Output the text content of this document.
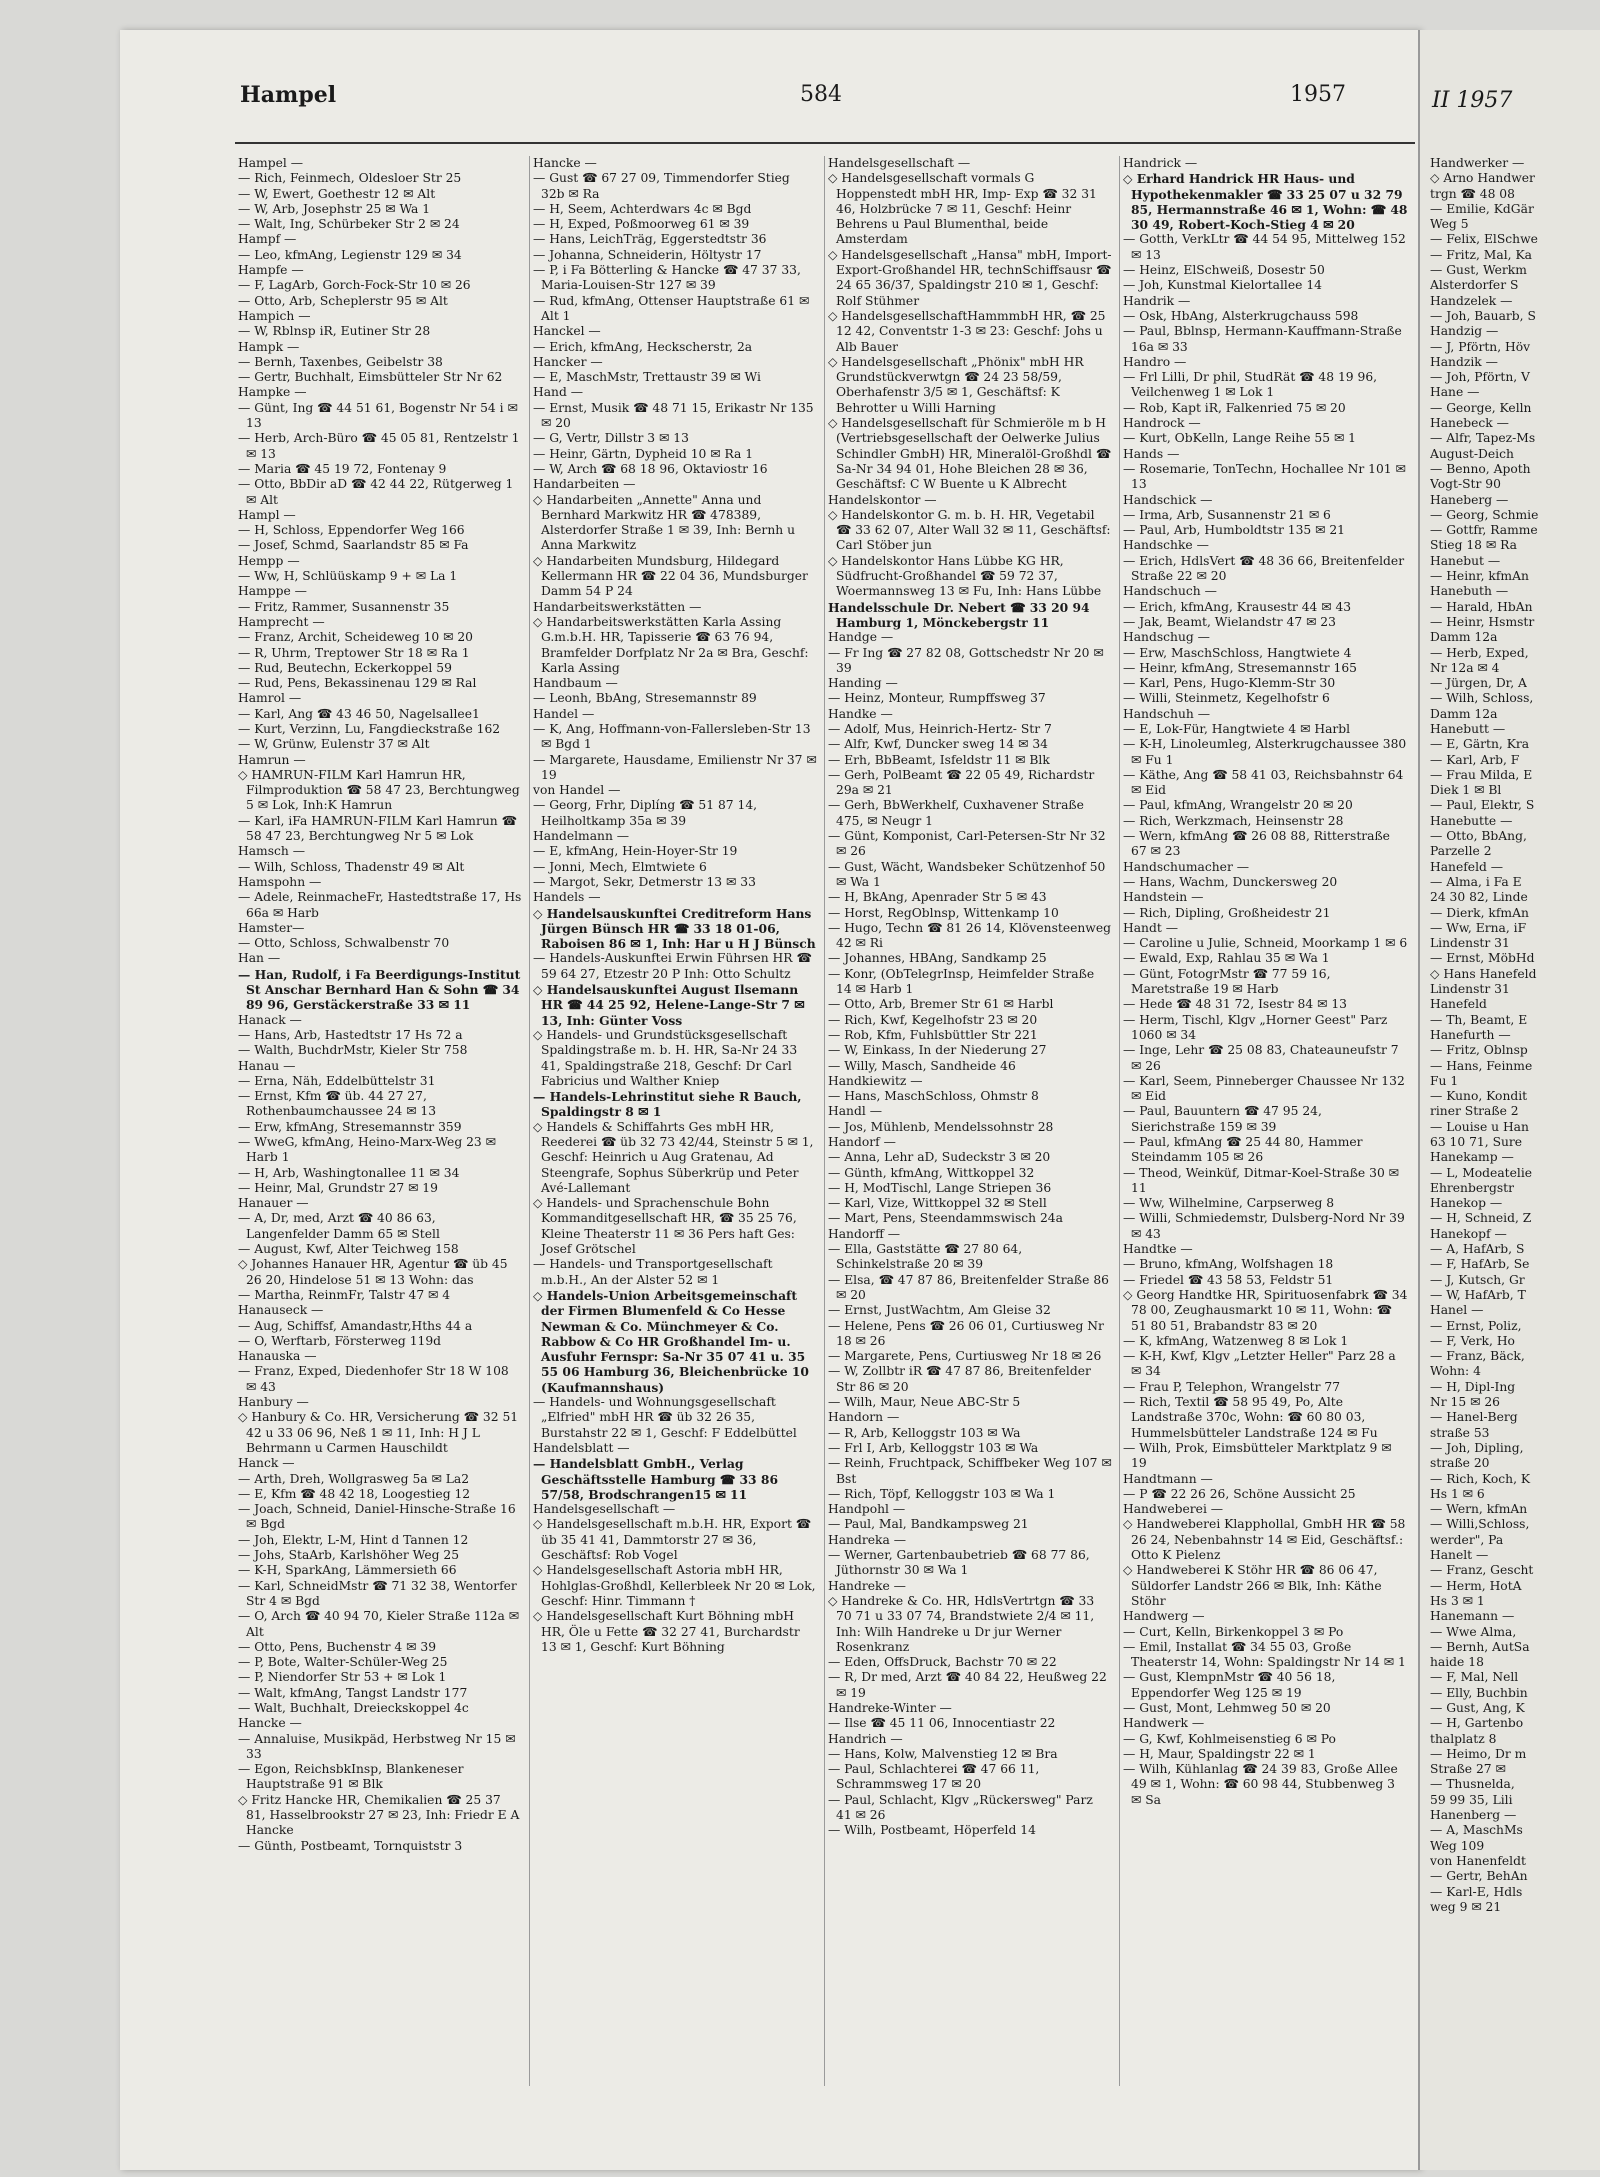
Hampel	584	1957	II 1957

Hampel —

— Rich, Feinmech, Oldesloer Str 25

— W, Ewert, Goethestr 12 ✉ Alt

— W, Arb, Josephstr 25 ✉ Wa 1

— Walt, Ing, Schürbeker Str 2 ✉ 24

Hampf —

— Leo, kfmAng, Legienstr 129 ✉ 34

Hampfe —

— F, LagArb, Gorch-Fock-Str 10 ✉ 26

— Otto, Arb, Scheplerstr 95 ✉ Alt

Hampich —

— W, Rblnsp iR, Eutiner Str 28

Hampk —

— Bernh, Taxenbes, Geibelstr 38

— Gertr, Buchhalt, Eimsbütteler Str Nr 62

Hampke —

— Günt, Ing ☎ 44 51 61, Bogenstr Nr 54 i ✉ 13

— Herb, Arch-Büro ☎ 45 05 81, Rentzelstr 1 ✉ 13

— Maria ☎ 45 19 72, Fontenay 9

— Otto, BbDir aD ☎ 42 44 22, Rütgerweg 1 ✉ Alt

Hampl —

— H, Schloss, Eppendorfer Weg 166

— Josef, Schmd, Saarlandstr 85 ✉ Fa

Hempp —

— Ww, H, Schlüüskamp 9 + ✉ La 1

Hamppe —

— Fritz, Rammer, Susannenstr 35

Hamprecht —

— Franz, Archit, Scheideweg 10 ✉ 20

— R, Uhrm, Treptower Str 18 ✉ Ra 1

— Rud, Beutechn, Eckerkoppel 59

— Rud, Pens, Bekassinenau 129 ✉ Ral

Hamrol —

— Karl, Ang ☎ 43 46 50, Nagelsallee1

— Kurt, Verzinn, Lu, Fangdieckstraße 162

— W, Grünw, Eulenstr 37 ✉ Alt

Hamrun —

◇ HAMRUN-FILM Karl Hamrun HR, Filmproduktion ☎ 58 47 23, Berchtungweg 5 ✉ Lok, Inh:K Hamrun

— Karl, iFa HAMRUN-FILM Karl Hamrun ☎ 58 47 23, Berchtungweg Nr 5 ✉ Lok

Hamsch —

— Wilh, Schloss, Thadenstr 49 ✉ Alt

Hamspohn —

— Adele, ReinmacheFr, Hastedtstraße 17, Hs 66a ✉ Harb

Hamster—

— Otto, Schloss, Schwalbenstr 70

Han —

— Han, Rudolf, i Fa Beerdigungs-Institut St Anschar Bernhard Han & Sohn ☎ 34 89 96, Gerstäckerstraße 33 ✉ 11

Hanack —

— Hans, Arb, Hastedtstr 17 Hs 72 a

— Walth, BuchdrMstr, Kieler Str 758

Hanau —

— Erna, Näh, Eddelbüttelstr 31

— Ernst, Kfm ☎ üb. 44 27 27, Rothenbaumchaussee 24 ✉ 13

— Erw, kfmAng, Stresemannstr 359

— WweG, kfmAng, Heino-Marx-Weg 23 ✉ Harb 1

— H, Arb, Washingtonallee 11 ✉ 34

— Heinr, Mal, Grundstr 27 ✉ 19

Hanauer —

— A, Dr, med, Arzt ☎ 40 86 63, Langenfelder Damm 65 ✉ Stell

— August, Kwf, Alter Teichweg 158

◇ Johannes Hanauer HR, Agentur ☎ üb 45 26 20, Hindelose 51 ✉ 13 Wohn: das

— Martha, ReinmFr, Talstr 47 ✉ 4

Hanauseck —

— Aug, Schiffsf, Amandastr,Hths 44 a

— O, Werftarb, Försterweg 119d

Hanauska —

— Franz, Exped, Diedenhofer Str 18 W 108 ✉ 43

Hanbury —

◇ Hanbury & Co. HR, Versicherung ☎ 32 51 42 u 33 06 96, Neß 1 ✉ 11, Inh: H J L Behrmann u Carmen Hauschildt

Hanck —

— Arth, Dreh, Wollgrasweg 5a ✉ La2

— E, Kfm ☎ 48 42 18, Loogestieg 12

— Joach, Schneid, Daniel-Hinsche-Straße 16 ✉ Bgd

— Joh, Elektr, L-M, Hint d Tannen 12

— Johs, StaArb, Karlshöher Weg 25

— K-H, SparkAng, Lämmersieth 66

— Karl, SchneidMstr ☎ 71 32 38, Wentorfer Str 4 ✉ Bgd

— O, Arch ☎ 40 94 70, Kieler Straße 112a ✉ Alt

— Otto, Pens, Buchenstr 4 ✉ 39

— P, Bote, Walter-Schüler-Weg 25

— P, Niendorfer Str 53 + ✉ Lok 1

— Walt, kfmAng, Tangst Landstr 177

— Walt, Buchhalt, Dreieckskoppel 4c

Hancke —

— Annaluise, Musikpäd, Herbstweg Nr 15 ✉ 33

— Egon, ReichsbkInsp, Blankeneser Hauptstraße 91 ✉ Blk

◇ Fritz Hancke HR, Chemikalien ☎ 25 37 81, Hasselbrookstr 27 ✉ 23, Inh: Friedr E A Hancke

— Günth, Postbeamt, Tornquiststr 3

Hancke —

— Gust ☎ 67 27 09, Timmendorfer Stieg 32b ✉ Ra

— H, Seem, Achterdwars 4c ✉ Bgd

— H, Exped, Poßmoorweg 61 ✉ 39

— Hans, LeichTräg, Eggerstedtstr 36

— Johanna, Schneiderin, Höltystr 17

— P, i Fa Bötterling & Hancke ☎ 47 37 33, Maria-Louisen-Str 127 ✉ 39

— Rud, kfmAng, Ottenser Hauptstraße 61 ✉ Alt 1

Hanckel —

— Erich, kfmAng, Heckscherstr, 2a

Hancker —

— E, MaschMstr, Trettaustr 39 ✉ Wi

Hand —

— Ernst, Musik ☎ 48 71 15, Erikastr Nr 135 ✉ 20

— G, Vertr, Dillstr 3 ✉ 13

— Heinr, Gärtn, Dypheid 10 ✉ Ra 1

— W, Arch ☎ 68 18 96, Oktaviostr 16

Handarbeiten —

◇ Handarbeiten „Annette" Anna und Bernhard Markwitz HR ☎ 478389, Alsterdorfer Straße 1 ✉ 39, Inh: Bernh u Anna Markwitz

◇ Handarbeiten Mundsburg, Hildegard Kellermann HR ☎ 22 04 36, Mundsburger Damm 54 P 24

Handarbeitswerkstätten —

◇ Handarbeitswerkstätten Karla Assing G.m.b.H. HR, Tapisserie ☎ 63 76 94, Bramfelder Dorfplatz Nr 2a ✉ Bra, Geschf: Karla Assing

Handbaum —

— Leonh, BbAng, Stresemannstr 89

Handel —

— K, Ang, Hoffmann-von-Fallersleben-Str 13 ✉ Bgd 1

— Margarete, Hausdame, Emilienstr Nr 37 ✉ 19

von Handel —

— Georg, Frhr, Diplíng ☎ 51 87 14, Heilholtkamp 35a ✉ 39

Handelmann —

— E, kfmAng, Hein-Hoyer-Str 19

— Jonni, Mech, Elmtwiete 6

— Margot, Sekr, Detmerstr 13 ✉ 33

Handels —

◇ Handelsauskunftei Creditreform Hans Jürgen Bünsch HR ☎ 33 18 01-06, Raboisen 86 ✉ 1, Inh: Har u H J Bünsch

— Handels-Auskunftei Erwin Führsen HR ☎ 59 64 27, Etzestr 20 P Inh: Otto Schultz

◇ Handelsauskunftei August Ilsemann HR ☎ 44 25 92, Helene-Lange-Str 7 ✉ 13, Inh: Günter Voss

◇ Handels- und Grundstücksgesellschaft Spaldingstraße m. b. H. HR, Sa-Nr 24 33 41, Spaldingstraße 218, Geschf: Dr Carl Fabricius und Walther Kniep

— Handels-Lehrinstitut siehe R Bauch, Spaldingstr 8 ✉ 1

◇ Handels & Schiffahrts Ges mbH HR, Reederei ☎ üb 32 73 42/44, Steinstr 5 ✉ 1, Geschf: Heinrich u Aug Gratenau, Ad Steengrafe, Sophus Süberkrüp und Peter Avé-Lallemant

◇ Handels- und Sprachenschule Bohn Kommanditgesellschaft HR, ☎ 35 25 76, Kleine Theaterstr 11 ✉ 36 Pers haft Ges: Josef Grötschel

— Handels- und Transportgesellschaft m.b.H., An der Alster 52 ✉ 1

◇ Handels-Union Arbeitsgemeinschaft der Firmen Blumenfeld & Co Hesse Newman & Co. Münchmeyer & Co. Rabbow & Co HR Großhandel Im- u. Ausfuhr Fernspr: Sa-Nr 35 07 41 u. 35 55 06 Hamburg 36, Bleichenbrücke 10 (Kaufmannshaus)

— Handels- und Wohnungsgesellschaft „Elfried" mbH HR ☎ üb 32 26 35, Burstahstr 22 ✉ 1, Geschf: F Eddelbüttel

Handelsblatt —

— Handelsblatt GmbH., Verlag Geschäftsstelle Hamburg ☎ 33 86 57/58, Brodschrangen15 ✉ 11

Handelsgesellschaft —

◇ Handelsgesellschaft m.b.H. HR, Export ☎ üb 35 41 41, Dammtorstr 27 ✉ 36, Geschäftsf: Rob Vogel

◇ Handelsgesellschaft Astoria mbH HR, Hohlglas-Großhdl, Kellerbleek Nr 20 ✉ Lok, Geschf: Hinr. Timmann †

◇ Handelsgesellschaft Kurt Böhning mbH HR, Öle u Fette ☎ 32 27 41, Burchardstr 13 ✉ 1, Geschf: Kurt Böhning

Handelsgesellschaft —

◇ Handelsgesellschaft vormals G Hoppenstedt mbH HR, Imp- Exp ☎ 32 31 46, Holzbrücke 7 ✉ 11, Geschf: Heinr Behrens u Paul Blumenthal, beide Amsterdam

◇ Handelsgesellschaft „Hansa" mbH, Import-Export-Großhandel HR, technSchiffsausr ☎ 24 65 36/37, Spaldingstr 210 ✉ 1, Geschf: Rolf Stühmer

◇ HandelsgesellschaftHammmbH HR, ☎ 25 12 42, Conventstr 1-3 ✉ 23: Geschf: Johs u Alb Bauer

◇ Handelsgesellschaft „Phönix" mbH HR Grundstückverwtgn ☎ 24 23 58/59, Oberhafenstr 3/5 ✉ 1, Geschäftsf: K Behrotter u Willi Harning

◇ Handelsgesellschaft für Schmieröle m b H (Vertriebsgesellschaft der Oelwerke Julius Schindler GmbH) HR, Mineralöl-Großhdl ☎ Sa-Nr 34 94 01, Hohe Bleichen 28 ✉ 36, Geschäftsf: C W Buente u K Albrecht

Handelskontor —

◇ Handelskontor G. m. b. H. HR, Vegetabil ☎ 33 62 07, Alter Wall 32 ✉ 11, Geschäftsf: Carl Stöber jun

◇ Handelskontor Hans Lübbe KG HR, Südfrucht-Großhandel ☎ 59 72 37, Woermannsweg 13 ✉ Fu, Inh: Hans Lübbe

Handelsschule Dr. Nebert ☎ 33 20 94 Hamburg 1, Mönckebergstr 11

Handge —

— Fr Ing ☎ 27 82 08, Gottschedstr Nr 20 ✉ 39

Handing —

— Heinz, Monteur, Rumpffsweg 37

Handke —

— Adolf, Mus, Heinrich-Hertz- Str 7

— Alfr, Kwf, Duncker sweg 14 ✉ 34

— Erh, BbBeamt, Isfeldstr 11 ✉ Blk

— Gerh, PolBeamt ☎ 22 05 49, Richardstr 29a ✉ 21

— Gerh, BbWerkhelf, Cuxhavener Straße 475, ✉ Neugr 1

— Günt, Komponist, Carl-Petersen-Str Nr 32 ✉ 26

— Gust, Wächt, Wandsbeker Schützenhof 50 ✉ Wa 1

— H, BkAng, Apenrader Str 5 ✉ 43

— Horst, RegOblnsp, Wittenkamp 10

— Hugo, Techn ☎ 81 26 14, Klövensteenweg 42 ✉ Ri

— Johannes, HBAng, Sandkamp 25

— Konr, (ObTelegrInsp, Heimfelder Straße 14 ✉ Harb 1

— Otto, Arb, Bremer Str 61 ✉ Harbl

— Rich, Kwf, Kegelhofstr 23 ✉ 20

— Rob, Kfm, Fuhlsbüttler Str 221

— W, Einkass, In der Niederung 27

— Willy, Masch, Sandheide 46

Handkiewitz —

— Hans, MaschSchloss, Ohmstr 8

Handl —

— Jos, Mühlenb, Mendelssohnstr 28

Handorf —

— Anna, Lehr aD, Sudeckstr 3 ✉ 20

— Günth, kfmAng, Wittkoppel 32

— H, ModTischl, Lange Striepen 36

— Karl, Vize, Wittkoppel 32 ✉ Stell

— Mart, Pens, Steendammswisch 24a

Handorff —

— Ella, Gaststätte ☎ 27 80 64, Schinkelstraße 20 ✉ 39

— Elsa, ☎ 47 87 86, Breitenfelder Straße 86 ✉ 20

— Ernst, JustWachtm, Am Gleise 32

— Helene, Pens ☎ 26 06 01, Curtiusweg Nr 18 ✉ 26

— Margarete, Pens, Curtiusweg Nr 18 ✉ 26

— W, Zollbtr iR ☎ 47 87 86, Breitenfelder Str 86 ✉ 20

— Wilh, Maur, Neue ABC-Str 5

Handorn —

— R, Arb, Kelloggstr 103 ✉ Wa

— Frl I, Arb, Kelloggstr 103 ✉ Wa

— Reinh, Fruchtpack, Schiffbeker Weg 107 ✉ Bst

— Rich, Töpf, Kelloggstr 103 ✉ Wa 1

Handpohl —

— Paul, Mal, Bandkampsweg 21

Handreka —

— Werner, Gartenbaubetrieb ☎ 68 77 86, Jüthornstr 30 ✉ Wa 1

Handreke —

◇ Handreke & Co. HR, HdlsVertrtgn ☎ 33 70 71 u 33 07 74, Brandstwiete 2/4 ✉ 11, Inh: Wilh Handreke u Dr jur Werner Rosenkranz

— Eden, OffsDruck, Bachstr 70 ✉ 22

— R, Dr med, Arzt ☎ 40 84 22, Heußweg 22 ✉ 19

Handreke-Winter —

— Ilse ☎ 45 11 06, Innocentiastr 22

Handrich —

— Hans, Kolw, Malvenstieg 12 ✉ Bra

— Paul, Schlachterei ☎ 47 66 11, Schrammsweg 17 ✉ 20

— Paul, Schlacht, Klgv „Rückersweg" Parz 41 ✉ 26

— Wilh, Postbeamt, Höperfeld 14

Handrick —

◇ Erhard Handrick HR Haus- und Hypothekenmakler ☎ 33 25 07 u 32 79 85, Hermannstraße 46 ✉ 1, Wohn: ☎ 48 30 49, Robert-Koch-Stieg 4 ✉ 20

— Gotth, VerkLtr ☎ 44 54 95, Mittelweg 152 ✉ 13

— Heinz, ElSchweiß, Dosestr 50

— Joh, Kunstmal Kielortallee 14

Handrik —

— Osk, HbAng, Alsterkrugchauss 598

— Paul, Bblnsp, Hermann-Kauffmann-Straße 16a ✉ 33

Handro —

— Frl Lilli, Dr phil, StudRät ☎ 48 19 96, Veilchenweg 1 ✉ Lok 1

— Rob, Kapt iR, Falkenried 75 ✉ 20

Handrock —

— Kurt, ObKelln, Lange Reihe 55 ✉ 1

Hands —

— Rosemarie, TonTechn, Hochallee Nr 101 ✉ 13

Handschick —

— Irma, Arb, Susannenstr 21 ✉ 6

— Paul, Arb, Humboldtstr 135 ✉ 21

Handschke —

— Erich, HdlsVert ☎ 48 36 66, Breitenfelder Straße 22 ✉ 20

Handschuch —

— Erich, kfmAng, Krausestr 44 ✉ 43

— Jak, Beamt, Wielandstr 47 ✉ 23

Handschug —

— Erw, MaschSchloss, Hangtwiete 4

— Heinr, kfmAng, Stresemannstr 165

— Karl, Pens, Hugo-Klemm-Str 30

— Willi, Steinmetz, Kegelhofstr 6

Handschuh —

— E, Lok-Für, Hangtwiete 4 ✉ Harbl

— K-H, Linoleumleg, Alsterkrugchaussee 380 ✉ Fu 1

— Käthe, Ang ☎ 58 41 03, Reichsbahnstr 64 ✉ Eid

— Paul, kfmAng, Wrangelstr 20 ✉ 20

— Rich, Werkzmach, Heinsenstr 28

— Wern, kfmAng ☎ 26 08 88, Ritterstraße 67 ✉ 23

Handschumacher —

— Hans, Wachm, Dunckersweg 20

Handstein —

— Rich, Dipling, Großheidestr 21

Handt —

— Caroline u Julie, Schneid, Moorkamp 1 ✉ 6

— Ewald, Exp, Rahlau 35 ✉ Wa 1

— Günt, FotogrMstr ☎ 77 59 16, Maretstraße 19 ✉ Harb

— Hede ☎ 48 31 72, Isestr 84 ✉ 13

— Herm, Tischl, Klgv „Horner Geest" Parz 1060 ✉ 34

— Inge, Lehr ☎ 25 08 83, Chateauneufstr 7 ✉ 26

— Karl, Seem, Pinneberger Chaussee Nr 132 ✉ Eid

— Paul, Bauuntern ☎ 47 95 24, Sierichstraße 159 ✉ 39

— Paul, kfmAng ☎ 25 44 80, Hammer Steindamm 105 ✉ 26

— Theod, Weinküf, Ditmar-Koel-Straße 30 ✉ 11

— Ww, Wilhelmine, Carpserweg 8

— Willi, Schmiedemstr, Dulsberg-Nord Nr 39 ✉ 43

Handtke —

— Bruno, kfmAng, Wolfshagen 18

— Friedel ☎ 43 58 53, Feldstr 51

◇ Georg Handtke HR, Spirituosenfabrk ☎ 34 78 00, Zeughausmarkt 10 ✉ 11, Wohn: ☎ 51 80 51, Brabandstr 83 ✉ 20

— K, kfmAng, Watzenweg 8 ✉ Lok 1

— K-H, Kwf, Klgv „Letzter Heller" Parz 28 a ✉ 34

— Frau P, Telephon, Wrangelstr 77

— Rich, Textil ☎ 58 95 49, Po, Alte Landstraße 370c, Wohn: ☎ 60 80 03, Hummelsbütteler Landstraße 124 ✉ Fu

— Wilh, Prok, Eimsbütteler Marktplatz 9 ✉ 19

Handtmann —

— P ☎ 22 26 26, Schöne Aussicht 25

Handweberei —

◇ Handweberei Klapphollal, GmbH HR ☎ 58 26 24, Nebenbahnstr 14 ✉ Eid, Geschäftsf.: Otto K Pielenz

◇ Handweberei K Stöhr HR ☎ 86 06 47, Süldorfer Landstr 266 ✉ Blk, Inh: Käthe Stöhr

Handwerg —

— Curt, Kelln, Birkenkoppel 3 ✉ Po

— Emil, Installat ☎ 34 55 03, Große Theaterstr 14, Wohn: Spaldingstr Nr 14 ✉ 1

— Gust, KlempnMstr ☎ 40 56 18, Eppendorfer Weg 125 ✉ 19

— Gust, Mont, Lehmweg 50 ✉ 20

Handwerk —

— G, Kwf, Kohlmeisenstieg 6 ✉ Po

— H, Maur, Spaldingstr 22 ✉ 1

— Wilh, Kühlanlag ☎ 24 39 83, Große Allee 49 ✉ 1, Wohn: ☎ 60 98 44, Stubbenweg 3 ✉ Sa

Handwerker —

◇ Arno Handwer

trgn ☎ 48 08

— Emilie, KdGär

Weg 5

— Felix, ElSchwe

— Fritz, Mal, Ka

— Gust, Werkm

Alsterdorfer S

Handzelek —

— Joh, Bauarb, S

Handzig —

— J, Pförtn, Höv

Handzik —

— Joh, Pförtn, V

Hane —

— George, Kelln

Hanebeck —

— Alfr, Tapez-Ms

August-Deich

— Benno, Apoth

Vogt-Str 90

Haneberg —

— Georg, Schmie

— Gottfr, Ramme

Stieg 18 ✉ Ra

Hanebut —

— Heinr, kfmAn

Hanebuth —

— Harald, HbAn

— Heinr, Hsmstr

Damm 12a

— Herb, Exped,

Nr 12a ✉ 4

— Jürgen, Dr, A

— Wilh, Schloss,

Damm 12a

Hanebutt —

— E, Gärtn, Kra

— Karl, Arb, F

— Frau Milda, E

Diek 1 ✉ Bl

— Paul, Elektr, S

Hanebutte —

— Otto, BbAng,

Parzelle 2

Hanefeld —

— Alma, i Fa E

24 30 82, Linde

— Dierk, kfmAn

— Ww, Erna, iF

Lindenstr 31

— Ernst, MöbHd

◇ Hans Hanefeld

Lindenstr 31

Hanefeld

— Th, Beamt, E

Hanefurth —

— Fritz, Oblnsp

— Hans, Feinme

Fu 1

— Kuno, Kondit

riner Straße 2

— Louise u Han

63 10 71, Sure

Hanekamp —

— L, Modeatelie

Ehrenbergstr

Hanekop —

— H, Schneid, Z

Hanekopf —

— A, HafArb, S

— F, HafArb, Se

— J, Kutsch, Gr

— W, HafArb, T

Hanel —

— Ernst, Poliz,

— F, Verk, Ho

— Franz, Bäck,

Wohn: 4

— H, Dipl-Ing

Nr 15 ✉ 26

— Hanel-Berg

straße 53

— Joh, Dipling,

straße 20

— Rich, Koch, K

Hs 1 ✉ 6

— Wern, kfmAn

— Willi,Schloss,

werder", Pa

Hanelt —

— Franz, Gescht

— Herm, HotA

Hs 3 ✉ 1

Hanemann —

— Wwe Alma,

— Bernh, AutSa

haide 18

— F, Mal, Nell

— Elly, Buchbin

— Gust, Ang, K

— H, Gartenbo

thalplatz 8

— Heimo, Dr m

Straße 27 ✉

— Thusnelda,

59 99 35, Lili

Hanenberg —

— A, MaschMs

Weg 109

von Hanenfeldt

— Gertr, BehAn

— Karl-E, Hdls

weg 9 ✉ 21
